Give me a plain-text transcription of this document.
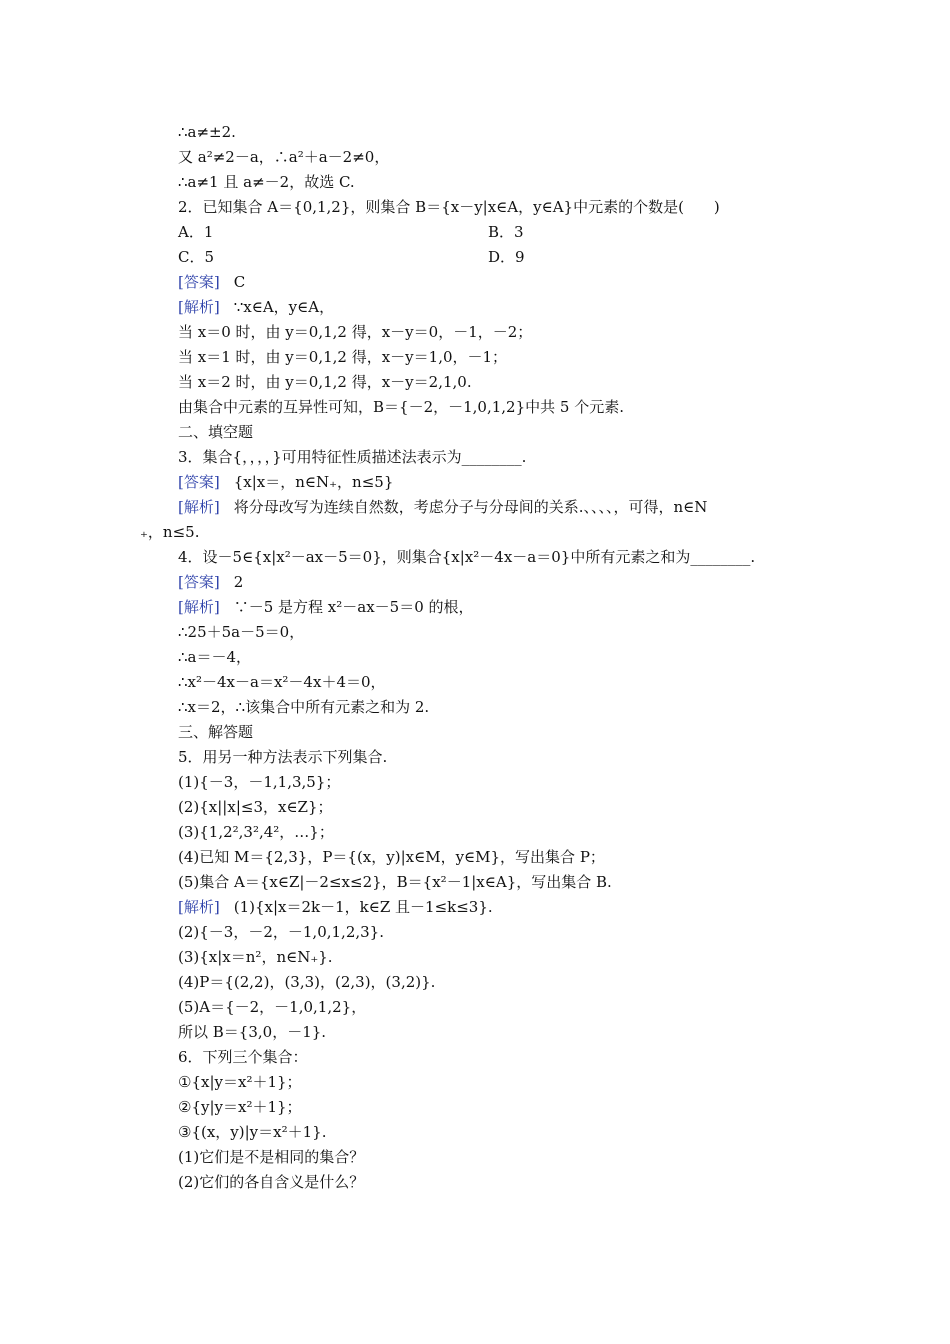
∴a≠±2.
又 a²≠2－a，∴a²＋a－2≠0，
∴a≠1 且 a≠－2，故选 C.
2．已知集合 A＝{0,1,2}，则集合 B＝{x－y|x∈A，y∈A}中元素的个数是(　　)
A．1	B．3
C．5	D．9
[答案] C
[解析] ∵x∈A，y∈A，
当 x＝0 时，由 y＝0,1,2 得，x－y＝0，－1，－2；
当 x＝1 时，由 y＝0,1,2 得，x－y＝1,0，－1；
当 x＝2 时，由 y＝0,1,2 得，x－y＝2,1,0.
由集合中元素的互异性可知，B＝{－2，－1,0,1,2}中共 5 个元素.
二、填空题
3．集合{，，，，}可用特征性质描述法表示为________.
[答案] {x|x＝，n∈N₊，n≤5}
[解析] 将分母改写为连续自然数，考虑分子与分母间的关系.、、、、，可得，n∈N
₊，n≤5.
4．设－5∈{x|x²－ax－5＝0}，则集合{x|x²－4x－a＝0}中所有元素之和为________.
[答案] 2
[解析] ∵－5 是方程 x²－ax－5＝0 的根，
∴25＋5a－5＝0，
∴a＝－4，
∴x²－4x－a＝x²－4x＋4＝0，
∴x＝2，∴该集合中所有元素之和为 2.
三、解答题
5．用另一种方法表示下列集合.
(1){－3，－1,1,3,5}；
(2){x||x|≤3，x∈Z}；
(3){1,2²,3²,4²，…}；
(4)已知 M＝{2,3}，P＝{(x，y)|x∈M，y∈M}，写出集合 P；
(5)集合 A＝{x∈Z|－2≤x≤2}，B＝{x²－1|x∈A}，写出集合 B.
[解析] (1){x|x＝2k－1，k∈Z 且－1≤k≤3}.
(2){－3，－2，－1,0,1,2,3}.
(3){x|x＝n²，n∈N₊}.
(4)P＝{(2,2)，(3,3)，(2,3)，(3,2)}.
(5)A＝{－2，－1,0,1,2}，
所以 B＝{3,0，－1}.
6．下列三个集合：
①{x|y＝x²＋1}；
②{y|y＝x²＋1}；
③{(x，y)|y＝x²＋1}.
(1)它们是不是相同的集合？
(2)它们的各自含义是什么？
